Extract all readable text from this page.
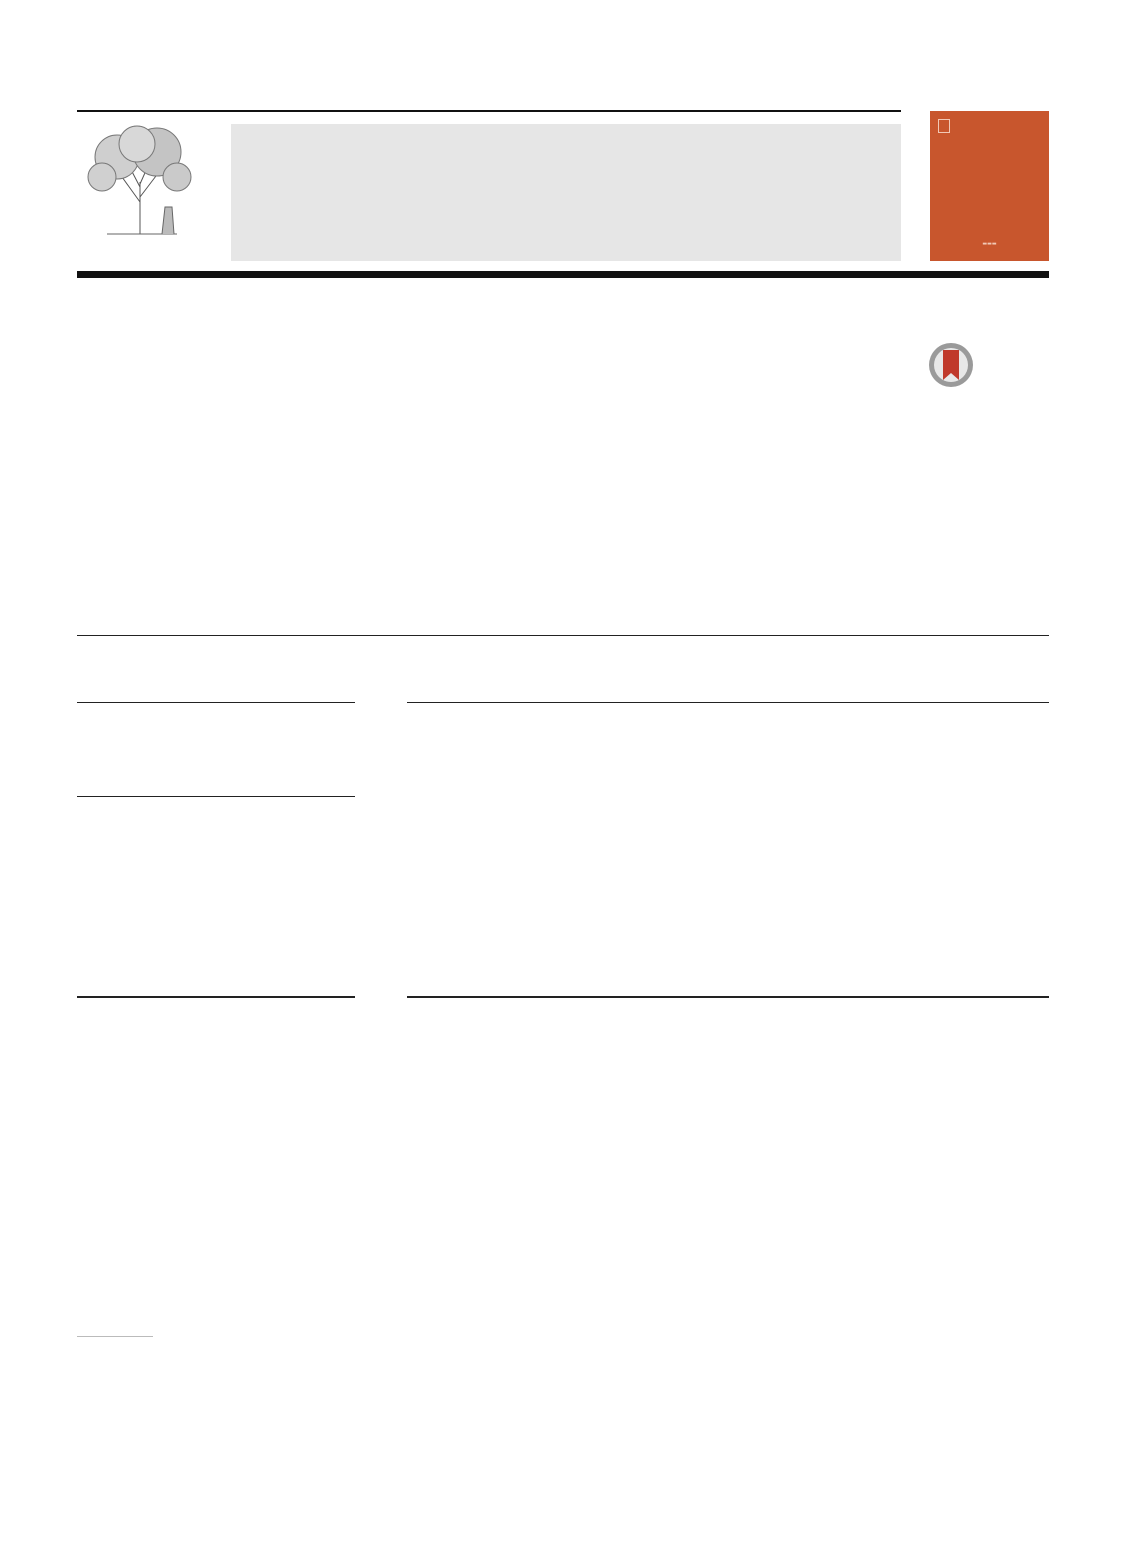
▬▬▬
